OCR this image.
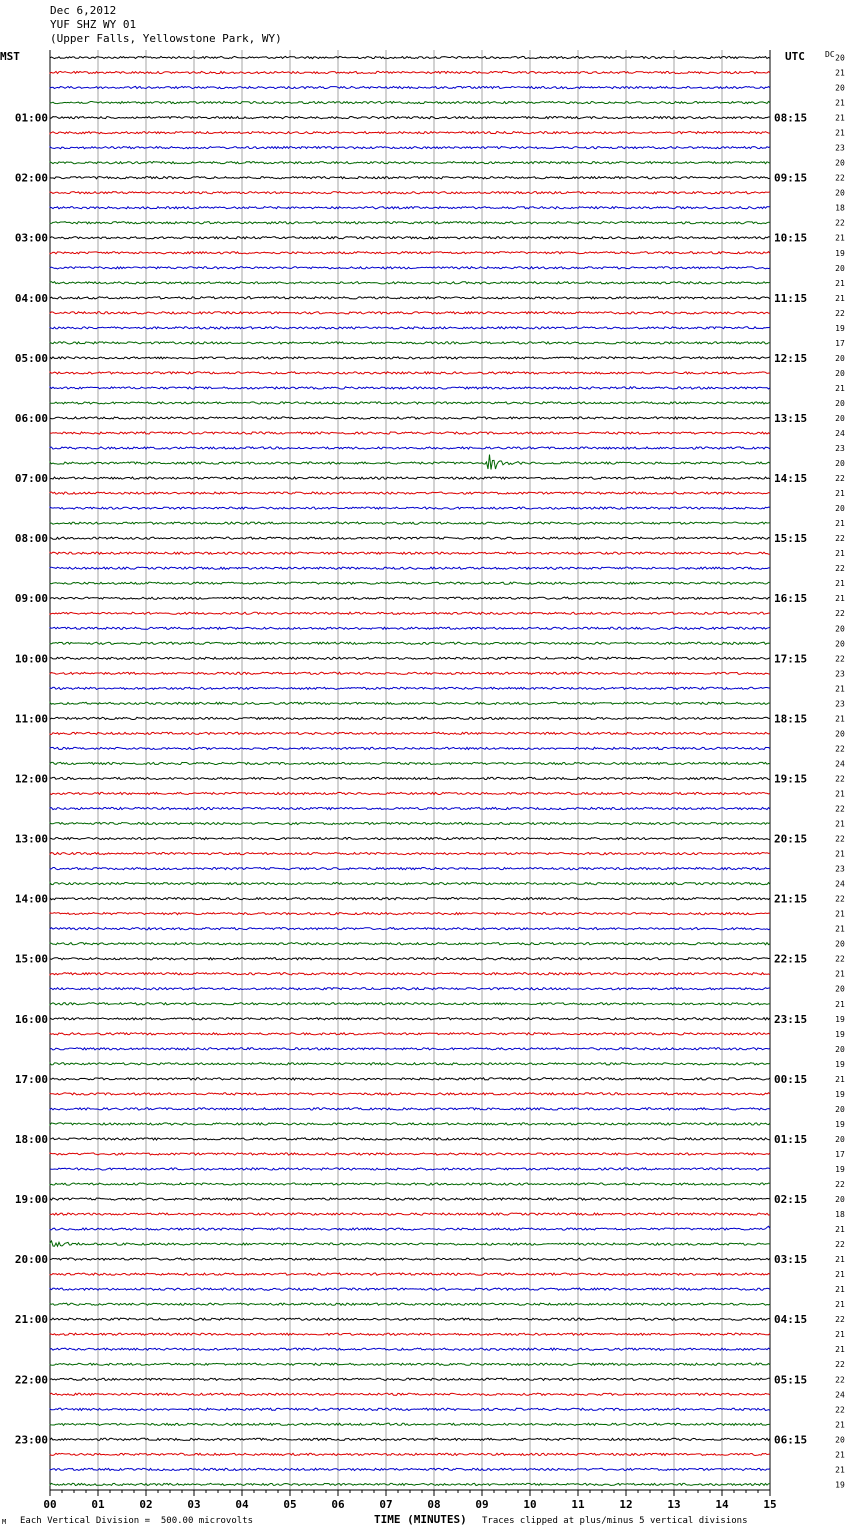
Dec 6,2012
YUF SHZ WY 01
(Upper Falls, Yellowstone Park, WY)
MST	UTC	DC
00	01	02	03	04	05	06	07	08	09	10	11	12	13	14	15
20
21
20
21
21
21
23
20
22
20
18
22
21
19
20
21
21
22
19
17
20
20
21
20
20
24
23
20
22
21
20
21
22
21
22
21
21
22
20
20
22
23
21
23
21
20
22
24
22
21
22
21
22
21
23
24
22
21
21
20
22
21
20
21
19
19
20
19
21
19
20
19
20
17
19
22
20
18
21
22
21
21
21
21
22
21
21
22
22
24
22
21
20
21
21
19
01:00
02:00
03:00
04:00
05:00
06:00
07:00
08:00
09:00
10:00
11:00
12:00
13:00
14:00
15:00
16:00
17:00
18:00
19:00
20:00
21:00
22:00
23:00
08:15
09:15
10:15
11:15
12:15
13:15
14:15
15:15
16:15
17:15
18:15
19:15
20:15
21:15
22:15
23:15
00:15
01:15
02:15
03:15
04:15
05:15
06:15
M Each Vertical Division =  500.00 microvolts	TIME (MINUTES) Traces clipped at plus/minus 5 vertical divisions
